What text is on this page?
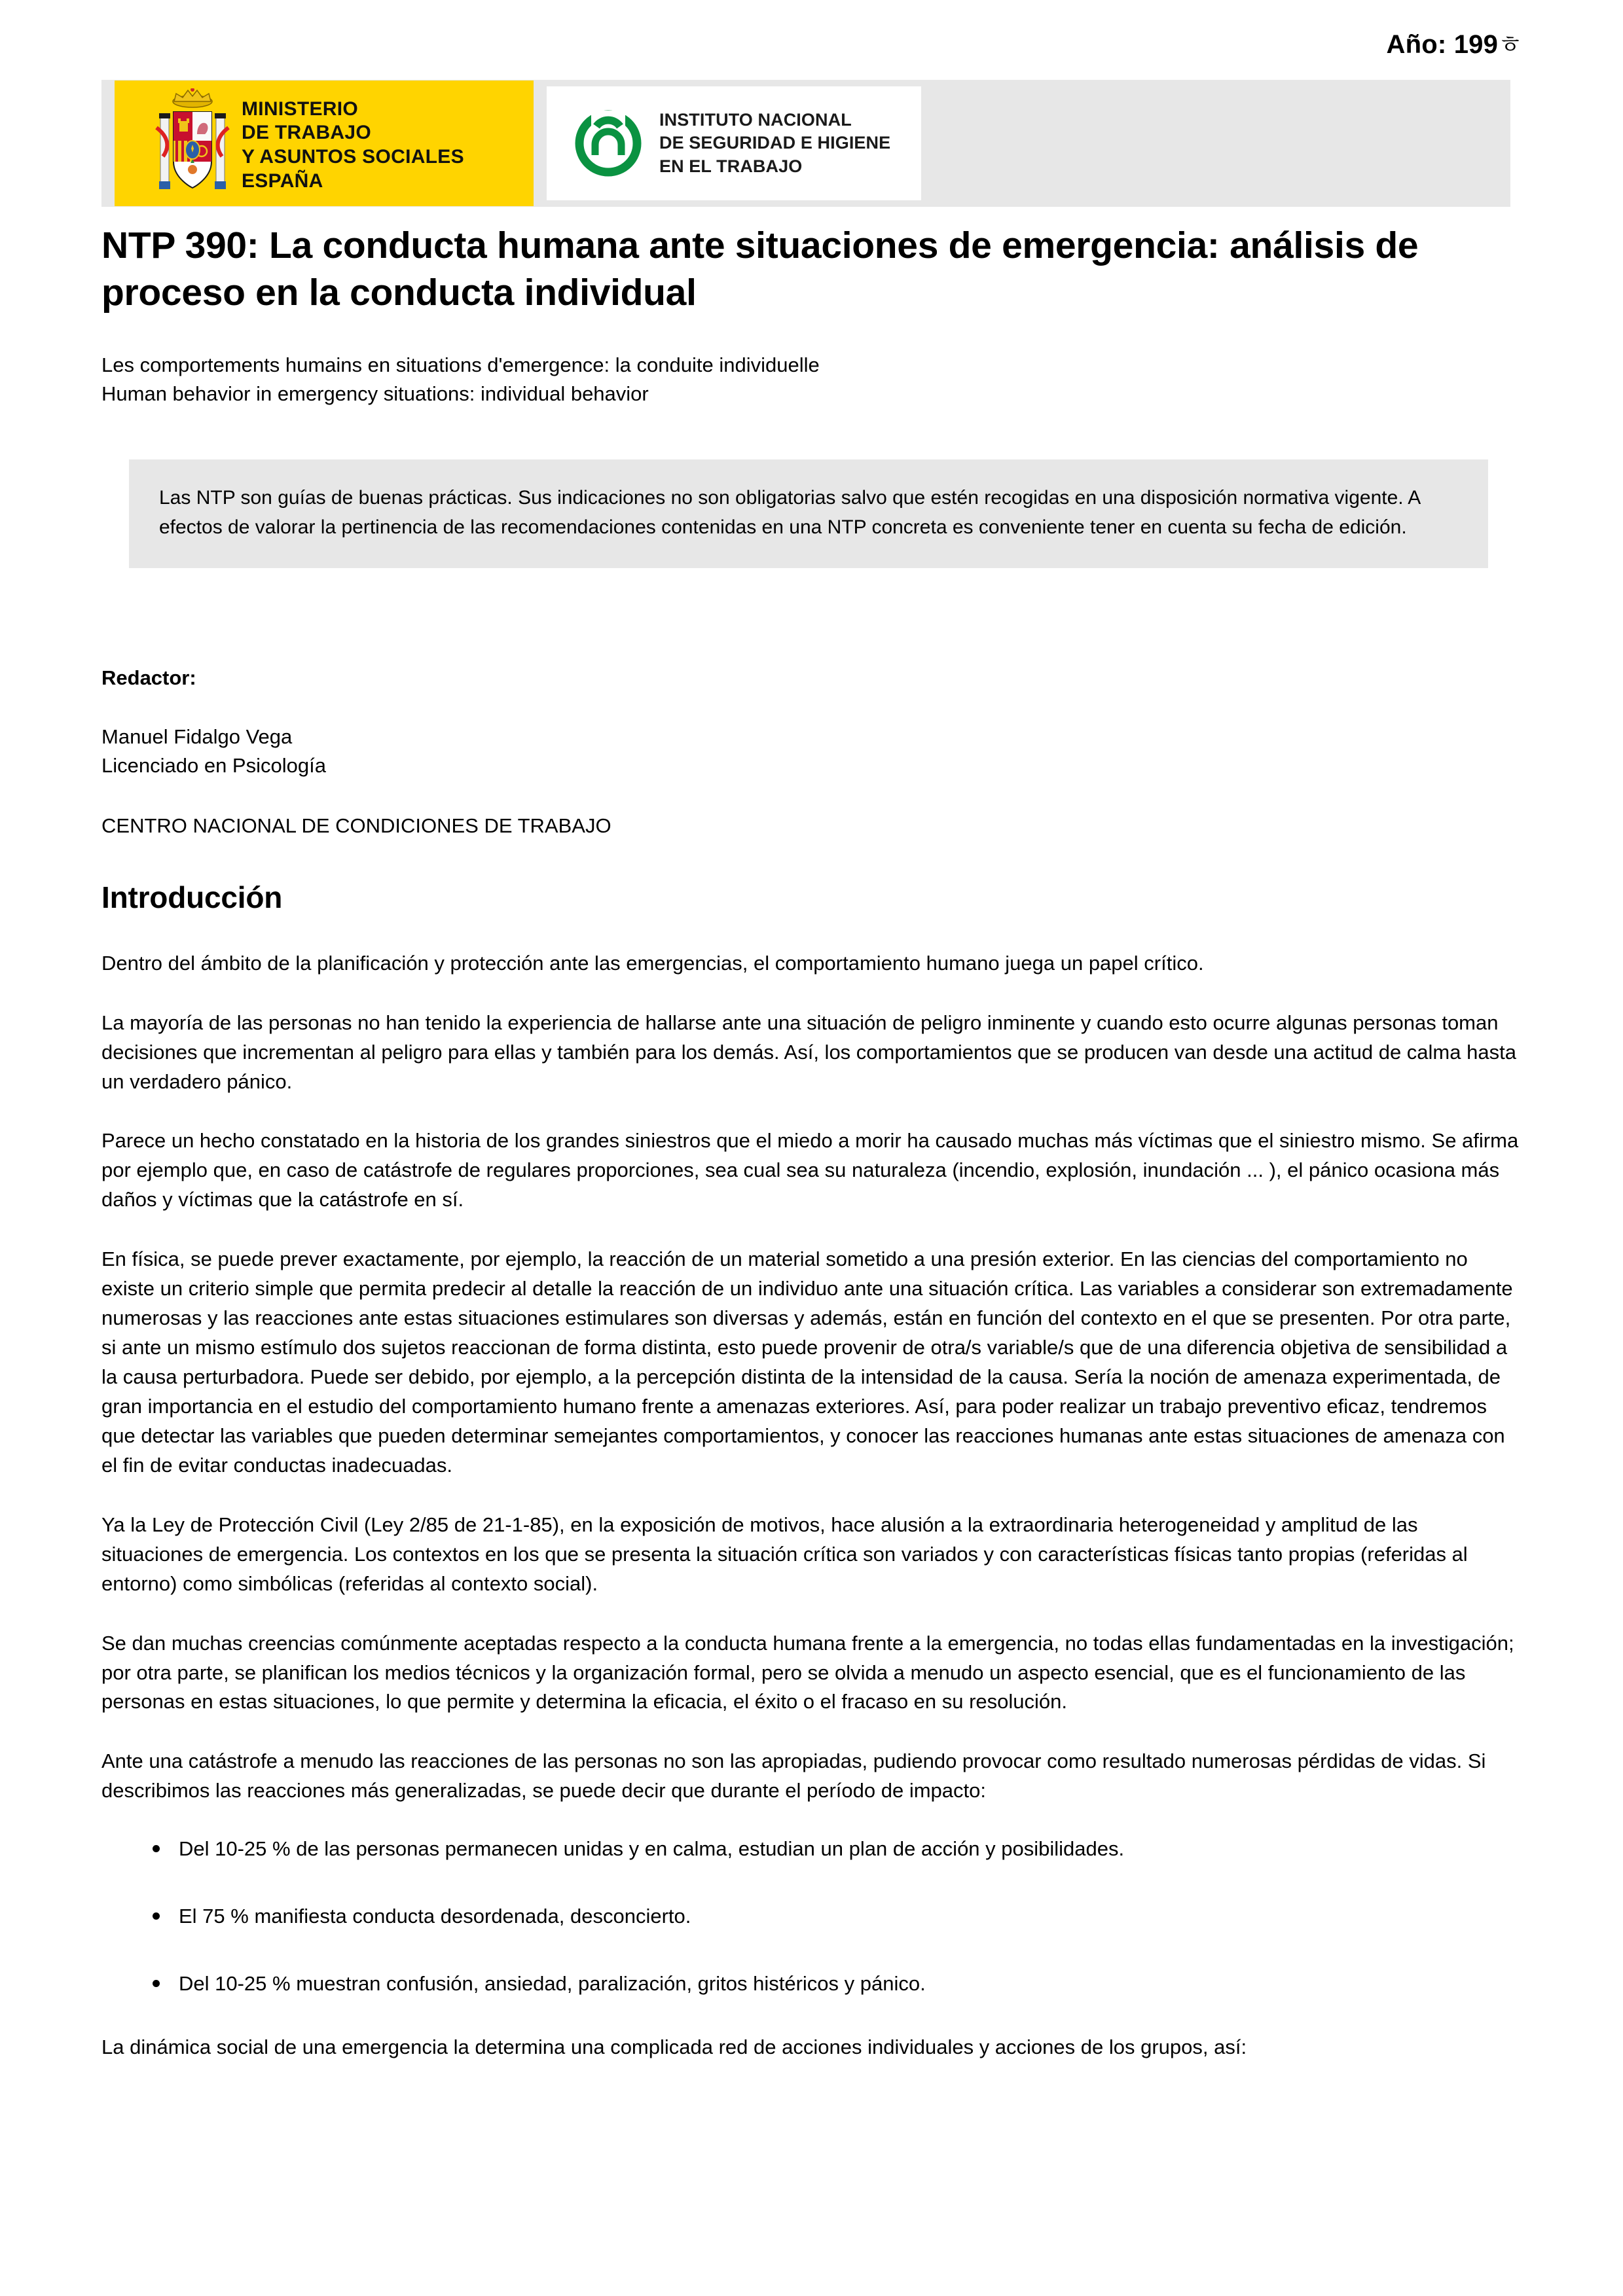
Año: 199ㅎ
MINISTERIO
DE TRABAJO
Y ASUNTOS SOCIALES
ESPAÑA
INSTITUTO NACIONAL
DE SEGURIDAD E HIGIENE
EN EL TRABAJO
NTP 390: La conducta humana ante situaciones de emergencia: análisis de proceso en la conducta individual
Les comportements humains en situations d'emergence: la conduite individuelle
Human behavior in emergency situations: individual behavior
Las NTP son guías de buenas prácticas. Sus indicaciones no son obligatorias salvo que estén recogidas en una disposición normativa vigente. A efectos de valorar la pertinencia de las recomendaciones contenidas en una NTP concreta es conveniente tener en cuenta su fecha de edición.
Redactor:
Manuel Fidalgo Vega
Licenciado en Psicología
CENTRO NACIONAL DE CONDICIONES DE TRABAJO
Introducción

Dentro del ámbito de la planificación y protección ante las emergencias, el comportamiento humano juega un papel crítico.

La mayoría de las personas no han tenido la experiencia de hallarse ante una situación de peligro inminente y cuando esto ocurre algunas personas toman decisiones que incrementan al peligro para ellas y también para los demás. Así, los comportamientos que se producen van desde una actitud de calma hasta un verdadero pánico.

Parece un hecho constatado en la historia de los grandes siniestros que el miedo a morir ha causado muchas más víctimas que el siniestro mismo. Se afirma por ejemplo que, en caso de catástrofe de regulares proporciones, sea cual sea su naturaleza (incendio, explosión, inundación ... ), el pánico ocasiona más daños y víctimas que la catástrofe en sí.

En física, se puede prever exactamente, por ejemplo, la reacción de un material sometido a una presión exterior. En las ciencias del comportamiento no existe un criterio simple que permita predecir al detalle la reacción de un individuo ante una situación crítica. Las variables a considerar son extremadamente numerosas y las reacciones ante estas situaciones estimulares son diversas y además, están en función del contexto en el que se presenten. Por otra parte, si ante un mismo estímulo dos sujetos reaccionan de forma distinta, esto puede provenir de otra/s variable/s que de una diferencia objetiva de sensibilidad a la causa perturbadora. Puede ser debido, por ejemplo, a la percepción distinta de la intensidad de la causa. Sería la noción de amenaza experimentada, de gran importancia en el estudio del comportamiento humano frente a amenazas exteriores. Así, para poder realizar un trabajo preventivo eficaz, tendremos que detectar las variables que pueden determinar semejantes comportamientos, y conocer las reacciones humanas ante estas situaciones de amenaza con el fin de evitar conductas inadecuadas.

Ya la Ley de Protección Civil (Ley 2/85 de 21-1-85), en la exposición de motivos, hace alusión a la extraordinaria heterogeneidad y amplitud de las situaciones de emergencia. Los contextos en los que se presenta la situación crítica son variados y con características físicas tanto propias (referidas al entorno) como simbólicas (referidas al contexto social).

Se dan muchas creencias comúnmente aceptadas respecto a la conducta humana frente a la emergencia, no todas ellas fundamentadas en la investigación; por otra parte, se planifican los medios técnicos y la organización formal, pero se olvida a menudo un aspecto esencial, que es el funcionamiento de las personas en estas situaciones, lo que permite y determina la eficacia, el éxito o el fracaso en su resolución.

Ante una catástrofe a menudo las reacciones de las personas no son las apropiadas, pudiendo provocar como resultado numerosas pérdidas de vidas. Si describimos las reacciones más generalizadas, se puede decir que durante el período de impacto:

Del 10-25 % de las personas permanecen unidas y en calma, estudian un plan de acción y posibilidades.
El 75 % manifiesta conducta desordenada, desconcierto.
Del 10-25 % muestran confusión, ansiedad, paralización, gritos histéricos y pánico.

La dinámica social de una emergencia la determina una complicada red de acciones individuales y acciones de los grupos, así:
